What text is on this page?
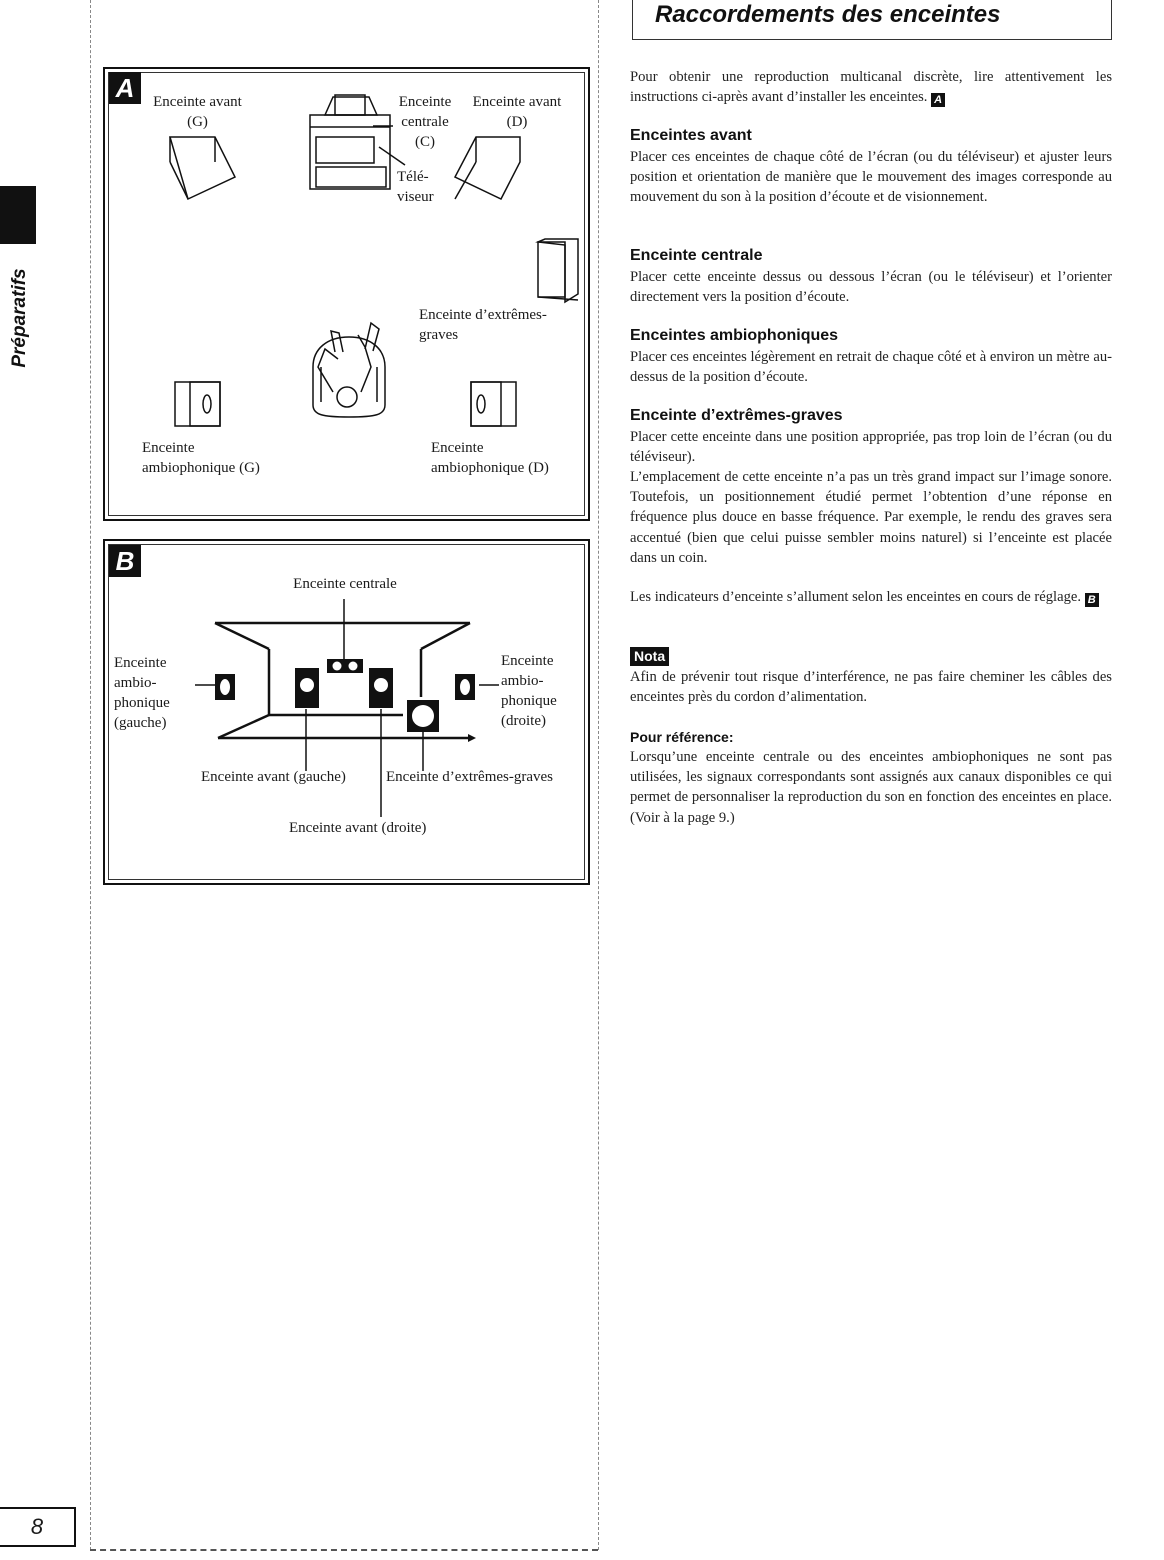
Préparatifs
8
A	Enceinte avant
(G)
Enceinte
centrale
(C)
Enceinte avant
(D)
Télé-
viseur
Enceinte d’extrêmes-
graves
Enceinte
ambiophonique (G)
Enceinte
ambiophonique (D)
B
Enceinte centrale
Enceinte
ambio-
phonique
(gauche)
Enceinte
ambio-
phonique
(droite)
Enceinte avant (gauche)	Enceinte d’extrêmes-graves
Enceinte avant (droite)
Raccordements des enceintes
Pour obtenir une reproduction multicanal discrète, lire attentivement les instructions ci-après avant d’installer les enceintes. A
Enceintes avant
Placer ces enceintes de chaque côté de l’écran (ou du téléviseur) et ajuster leurs position et orientation de manière que le mouvement des images corresponde au mouvement du son à la position d’écoute et de visionnement.
Enceinte centrale
Placer cette enceinte dessus ou dessous l’écran (ou le téléviseur) et l’orienter directement vers la position d’écoute.
Enceintes ambiophoniques
Placer ces enceintes légèrement en retrait de chaque côté et à environ un mètre au-dessus de la position d’écoute.
Enceinte d’extrêmes-graves
Placer cette enceinte dans une position appropriée, pas trop loin de l’écran (ou du téléviseur).
L’emplacement de cette enceinte n’a pas un très grand impact sur l’image sonore. Toutefois, un positionnement étudié permet l’obtention d’une réponse en fréquence plus douce en basse fréquence. Par exemple, le rendu des graves sera accentué (bien que celui puisse sembler moins naturel) si l’enceinte est placée dans un coin.
Les indicateurs d’enceinte s’allument selon les enceintes en cours de réglage. B
Nota
Afin de prévenir tout risque d’interférence, ne pas faire cheminer les câbles des enceintes près du cordon d’alimentation.
Pour référence:
Lorsqu’une enceinte centrale ou des enceintes ambiophoniques ne sont pas utilisées, les signaux correspondants sont assignés aux canaux disponibles ce qui permet de personnaliser la reproduction du son en fonction des enceintes en place. (Voir à la page 9.)
